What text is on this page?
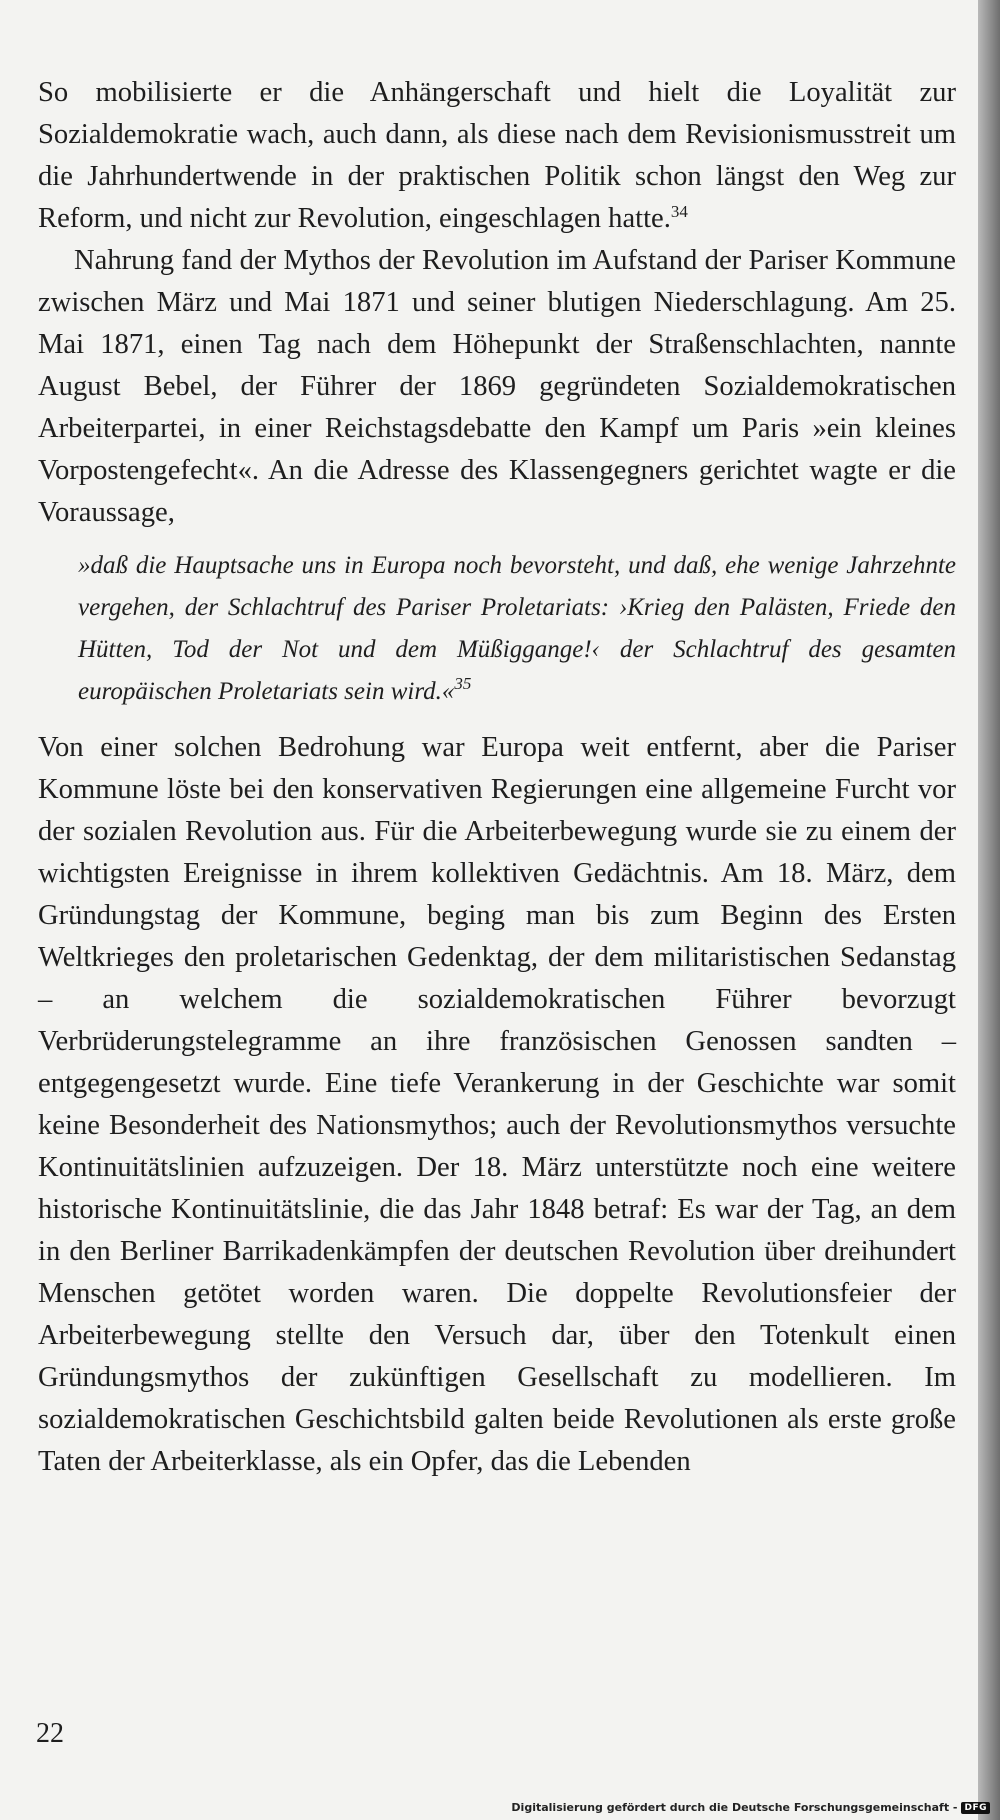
So mobilisierte er die Anhängerschaft und hielt die Loyalität zur Sozialdemokratie wach, auch dann, als diese nach dem Revisionismusstreit um die Jahrhundertwende in der praktischen Politik schon längst den Weg zur Reform, und nicht zur Revolution, eingeschlagen hatte.$^{34}$

Nahrung fand der Mythos der Revolution im Aufstand der Pariser Kommune zwischen März und Mai 1871 und seiner blutigen Niederschlagung. Am 25. Mai 1871, einen Tag nach dem Höhepunkt der Straßenschlachten, nannte August Bebel, der Führer der 1869 gegründeten Sozialdemokratischen Arbeiterpartei, in einer Reichstagsdebatte den Kampf um Paris »ein kleines Vorpostengefecht«. An die Adresse des Klassengegners gerichtet wagte er die Voraussage,

»daß die Hauptsache uns in Europa noch bevorsteht, und daß, ehe wenige Jahrzehnte vergehen, der Schlachtruf des Pariser Proletariats: ›Krieg den Palästen, Friede den Hütten, Tod der Not und dem Müßiggange!‹ der Schlachtruf des gesamten europäischen Proletariats sein wird.«$^{35}$

Von einer solchen Bedrohung war Europa weit entfernt, aber die Pariser Kommune löste bei den konservativen Regierungen eine allgemeine Furcht vor der sozialen Revolution aus. Für die Arbeiterbewegung wurde sie zu einem der wichtigsten Ereignisse in ihrem kollektiven Gedächtnis. Am 18. März, dem Gründungstag der Kommune, beging man bis zum Beginn des Ersten Weltkrieges den proletarischen Gedenktag, der dem militaristischen Sedanstag – an welchem die sozialdemokratischen Führer bevorzugt Verbrüderungstelegramme an ihre französischen Genossen sandten – entgegengesetzt wurde. Eine tiefe Verankerung in der Geschichte war somit keine Besonderheit des Nationsmythos; auch der Revolutionsmythos versuchte Kontinuitätslinien aufzuzeigen. Der 18. März unterstützte noch eine weitere historische Kontinuitätslinie, die das Jahr 1848 betraf: Es war der Tag, an dem in den Berliner Barrikadenkämpfen der deutschen Revolution über dreihundert Menschen getötet worden waren. Die doppelte Revolutionsfeier der Arbeiterbewegung stellte den Versuch dar, über den Totenkult einen Gründungsmythos der zukünftigen Gesellschaft zu modellieren. Im sozialdemokratischen Geschichtsbild galten beide Revolutionen als erste große Taten der Arbeiterklasse, als ein Opfer, das die Lebenden

22
Digitalisierung gefördert durch die Deutsche Forschungsgemeinschaft - DFG
